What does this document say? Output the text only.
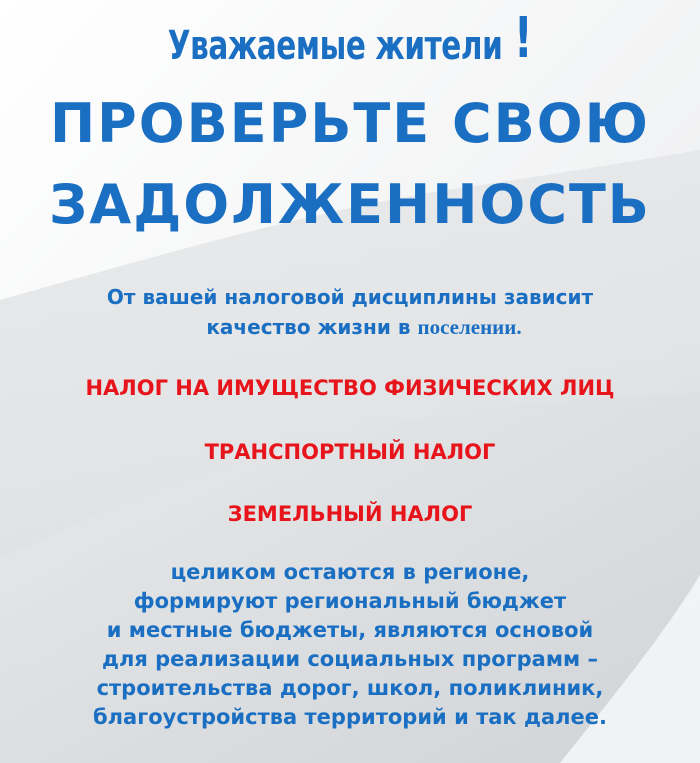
Уважаемые жители !
ПРОВЕРЬТЕ СВОЮ
ЗАДОЛЖЕННОСТЬ

От вашей налоговой дисциплины зависит

качество жизни в поселении.

НАЛОГ НА ИМУЩЕСТВО ФИЗИЧЕСКИХ ЛИЦ

ТРАНСПОРТНЫЙ НАЛОГ

ЗЕМЕЛЬНЫЙ НАЛОГ

целиком остаются в регионе,
формируют региональный бюджет
и местные бюджеты, являются основой
для реализации социальных программ –
строительства дорог, школ, поликлиник,
благоустройства территорий и так далее.
